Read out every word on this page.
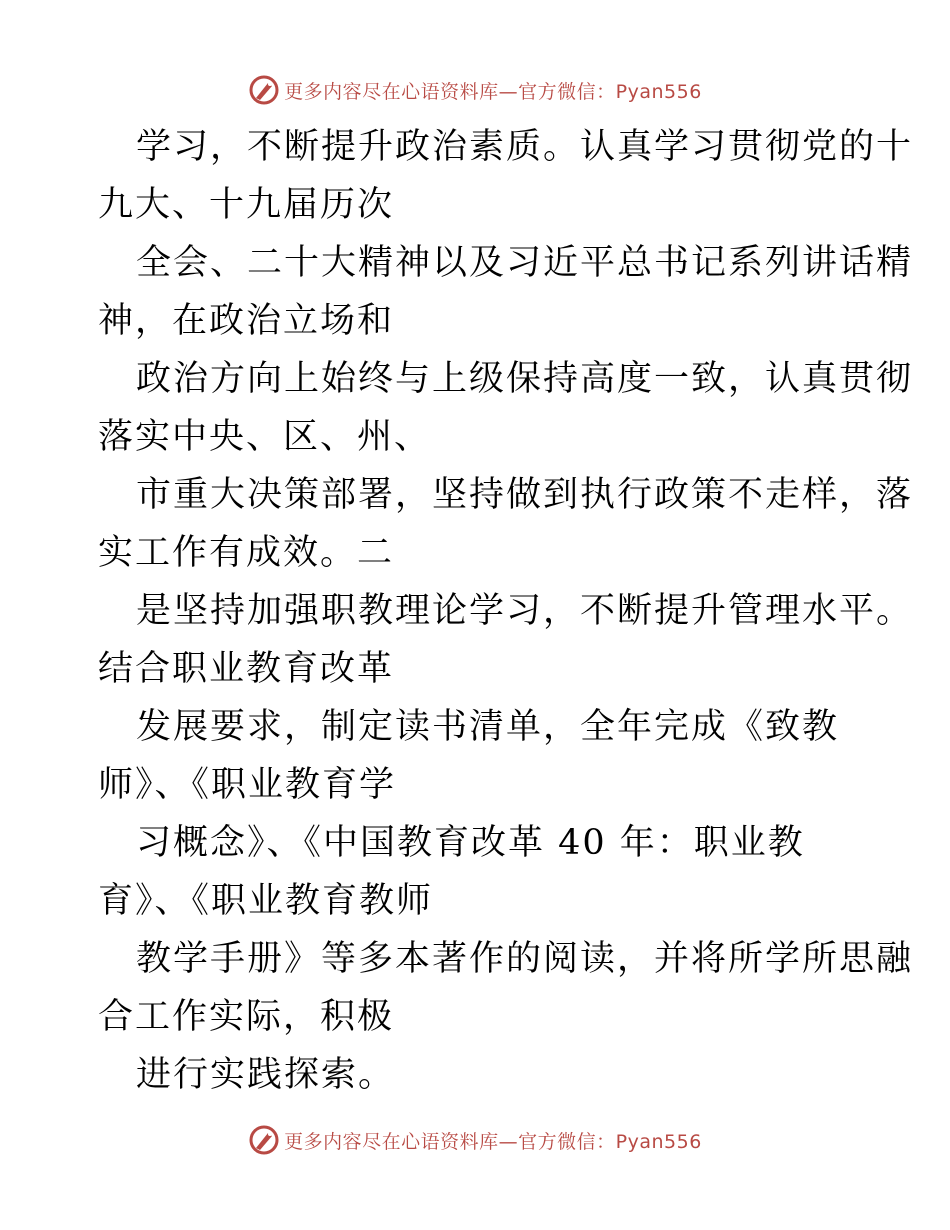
更多内容尽在心语资料库—官方微信：Pyan556
学习，不断提升政治素质。认真学习贯彻党的十
九大、十九届历次
全会、二十大精神以及习近平总书记系列讲话精
神，在政治立场和
政治方向上始终与上级保持高度一致，认真贯彻
落实中央、区、州、
市重大决策部署，坚持做到执行政策不走样，落
实工作有成效。二
是坚持加强职教理论学习，不断提升管理水平。
结合职业教育改革
发展要求，制定读书清单，全年完成《致教
师》、《职业教育学
习概念》、《中国教育改革 40 年：职业教
育》、《职业教育教师
教学手册》等多本著作的阅读，并将所学所思融
合工作实际，积极
进行实践探索。
更多内容尽在心语资料库—官方微信：Pyan556
